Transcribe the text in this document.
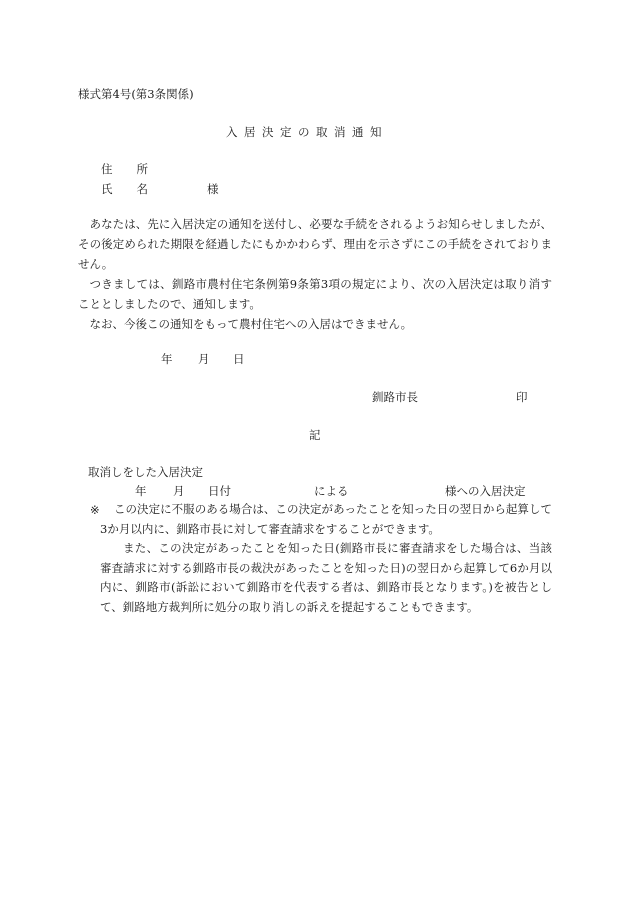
様式第4号(第3条関係)
入居決定の取消通知
住 所
氏 名	様
あなたは、先に入居決定の通知を送付し、必要な手続をされるようお知らせしましたが、その後定められた期限を経過したにもかかわらず、理由を示さずにこの手続をされておりません。
つきましては、釧路市農村住宅条例第9条第3項の規定により、次の入居決定は取り消すこととしましたので、通知します。
なお、今後この通知をもって農村住宅への入居はできません。
年 月 日
釧路市長	印
記
取消しをした入居決定
年 月 日付	による	様への入居決定
※	この決定に不服のある場合は、この決定があったことを知った日の翌日から起算して3か月以内に、釧路市長に対して審査請求をすることができます。
また、この決定があったことを知った日(釧路市長に審査請求をした場合は、当該審査請求に対する釧路市長の裁決があったことを知った日)の翌日から起算して6か月以内に、釧路市(訴訟において釧路市を代表する者は、釧路市長となります。)を被告として、釧路地方裁判所に処分の取り消しの訴えを提起することもできます。
